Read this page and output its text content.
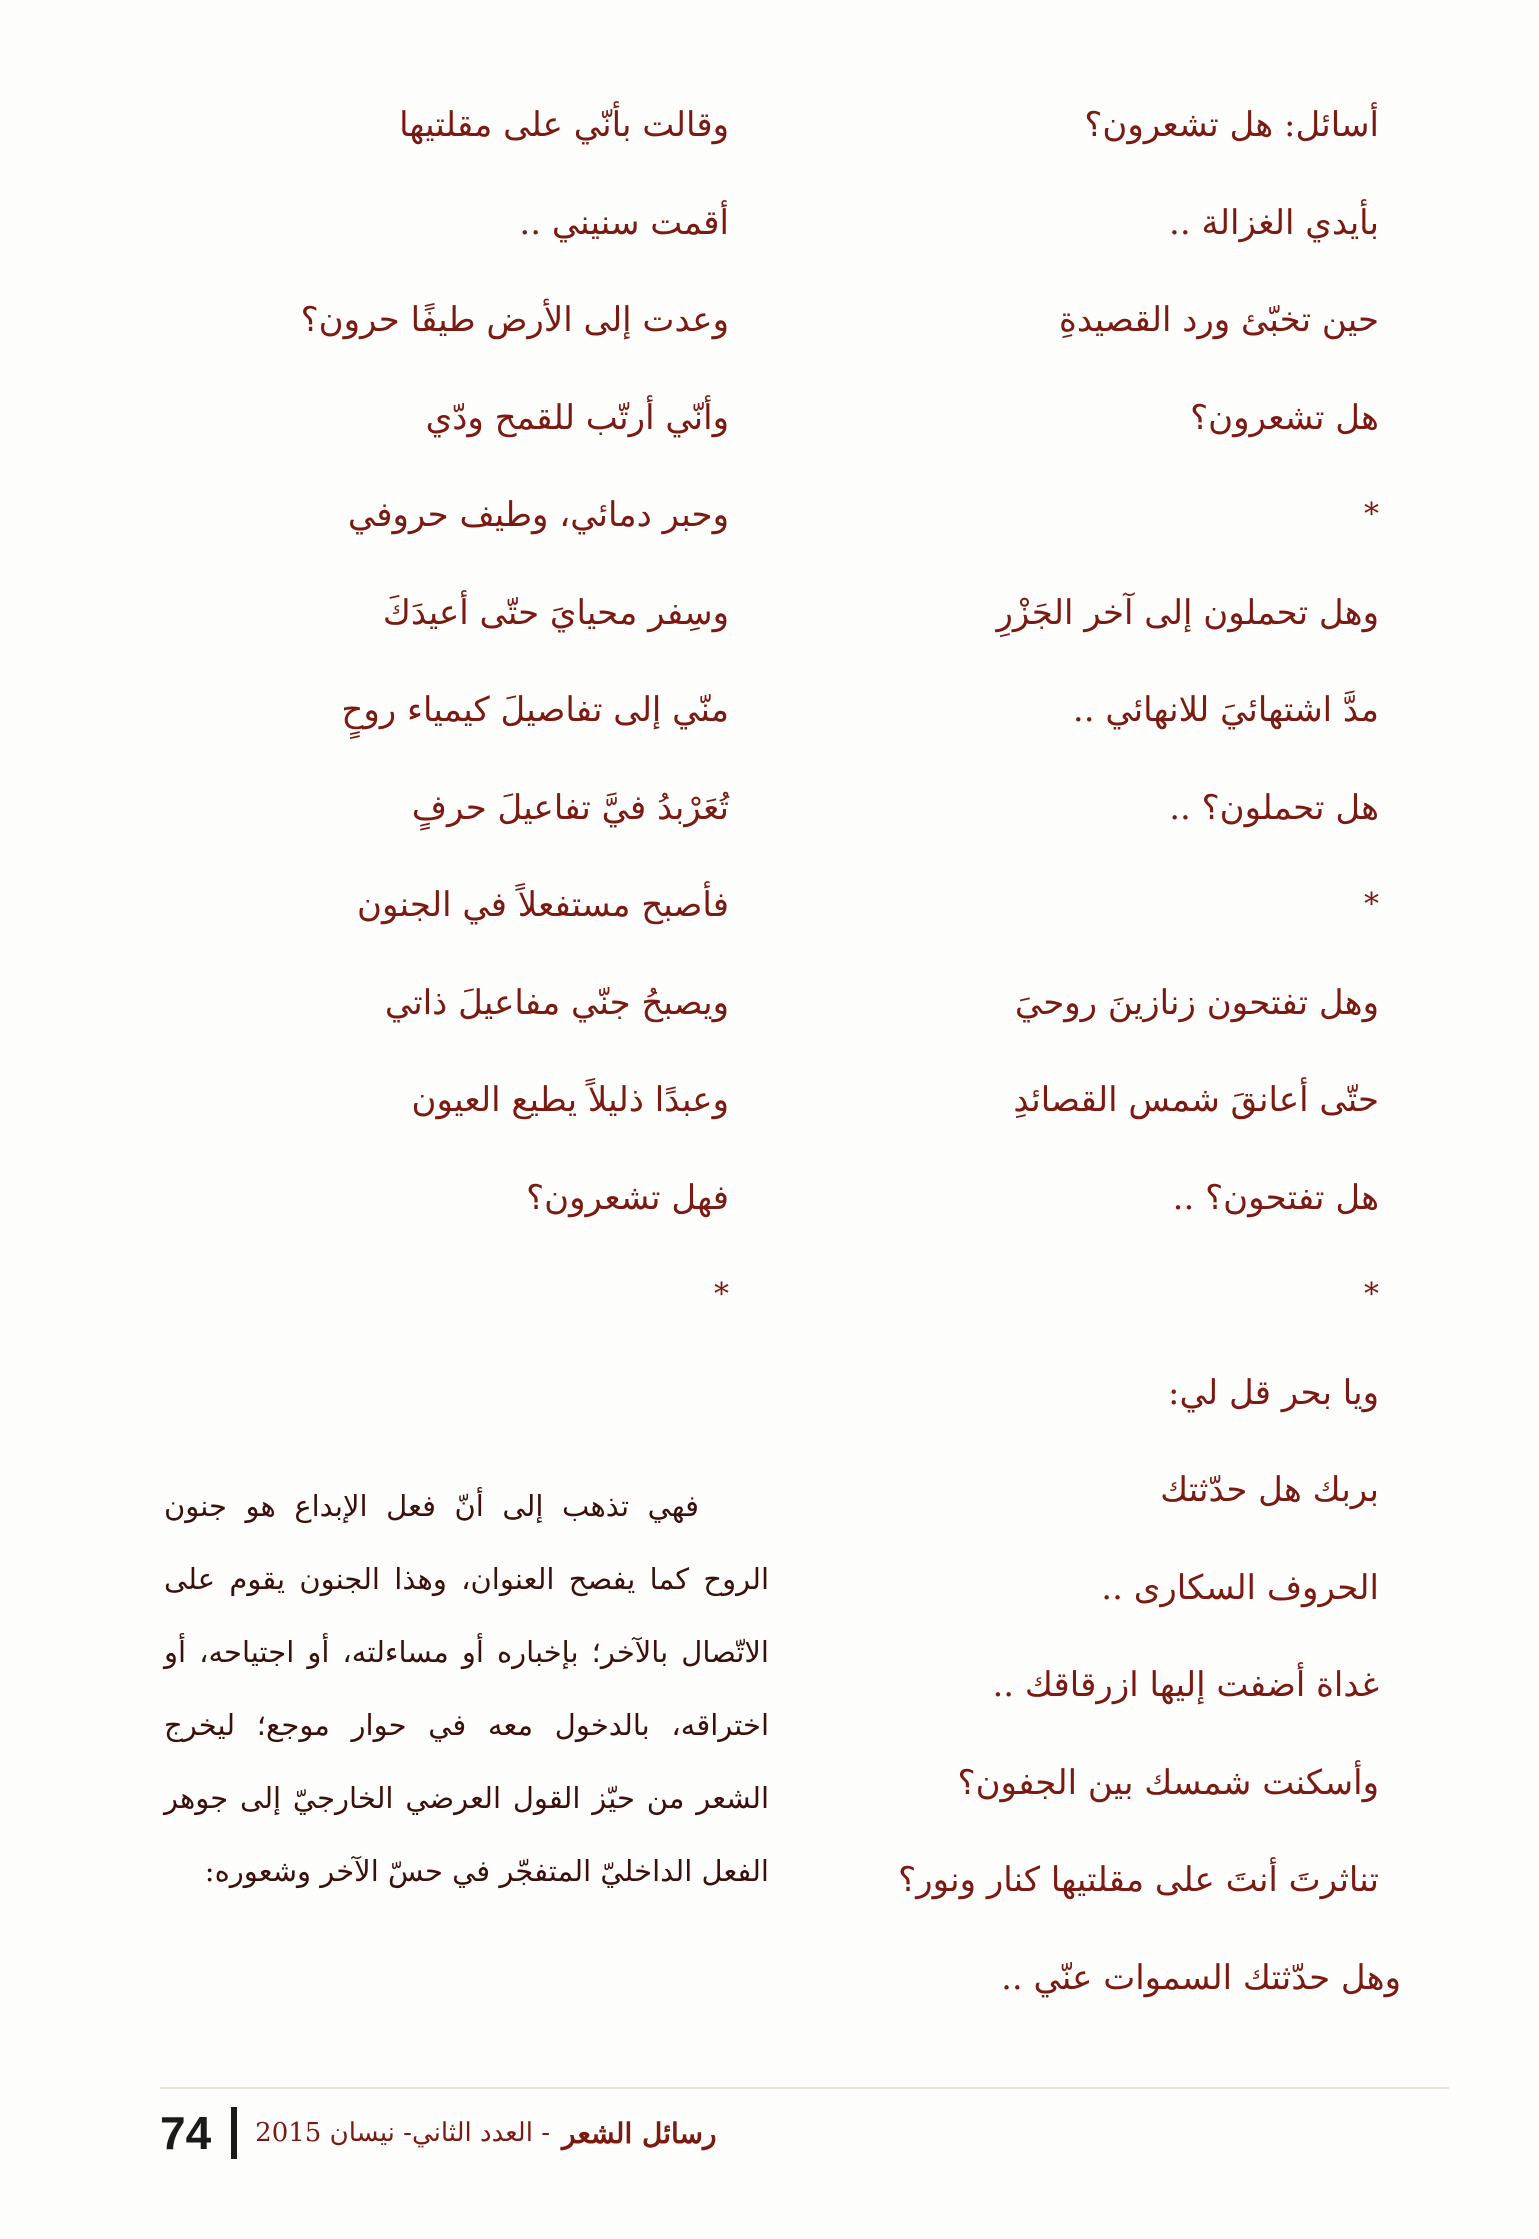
أسائل: هل تشعرون؟
بأيدي الغزالة ..
حين تخبّئ ورد القصيدةِ
هل تشعرون؟
*
وهل تحملون إلى آخر الجَزْرِ
مدَّ اشتهائيَ للانهائي ..
هل تحملون؟ ..
*
وهل تفتحون زنازينَ روحيَ
حتّى أعانقَ شمس القصائدِ
هل تفتحون؟ ..
*
ويا بحر قل لي:
بربك هل حدّثتك
الحروف السكارى ..
غداة أضفت إليها ازرقاقك ..
وأسكنت شمسك بين الجفون؟
تناثرتَ أنتَ على مقلتيها كنار ونور؟
وهل حدّثتك السموات عنّي ..
وقالت بأنّي على مقلتيها
أقمت سنيني ..
وعدت إلى الأرض طيفًا حرون؟
وأنّي أرتّب للقمح ودّي
وحبر دمائي، وطيف حروفي
وسِفر محيايَ حتّى أعيدَكَ
منّي إلى تفاصيلَ كيمياء روحٍ
تُعَرْبدُ فيَّ تفاعيلَ حرفٍ
فأصبح مستفعلاً في الجنون
ويصبحُ جنّي مفاعيلَ ذاتي
وعبدًا ذليلاً يطيع العيون
فهل تشعرون؟
*

فهي تذهب إلى أنّ فعل الإبداع هو جنون الروح كما يفصح العنوان، وهذا الجنون يقوم على الاتّصال بالآخر؛ بإخباره أو مساءلته، أو اجتياحه، أو اختراقه، بالدخول معه في حوار موجع؛ ليخرج الشعر من حيّز القول العرضي الخارجيّ إلى جوهر الفعل الداخليّ المتفجّر في حسّ الآخر وشعوره:

74 - العدد الثاني- نيسان 2015 رسائل الشعر
